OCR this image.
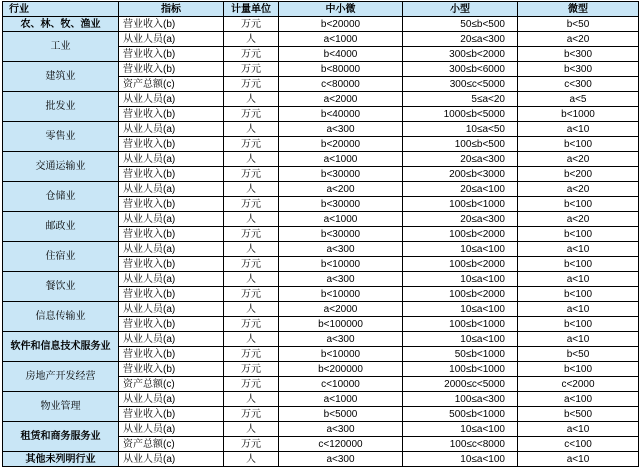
行业	指标	计量单位	中小微	小型	微型
农、林、牧、渔业	营业收入(b)	万元	b<20000	50≤b<500	b<50
工业	从业人员(a)	人	a<1000	20≤a<300	a<20
	营业收入(b)	万元	b<4000	300≤b<2000	b<300
建筑业	营业收入(b)	万元	b<80000	300≤b<6000	b<300
	资产总额(c)	万元	c<80000	300≤c<5000	c<300
批发业	从业人员(a)	人	a<2000	5≤a<20	a<5
	营业收入(b)	万元	b<40000	1000≤b<5000	b<1000
零售业	从业人员(a)	人	a<300	10≤a<50	a<10
	营业收入(b)	万元	b<20000	100≤b<500	b<100
交通运输业	从业人员(a)	人	a<1000	20≤a<300	a<20
	营业收入(b)	万元	b<30000	200≤b<3000	b<200
仓储业	从业人员(a)	人	a<200	20≤a<100	a<20
	营业收入(b)	万元	b<30000	100≤b<1000	b<100
邮政业	从业人员(a)	人	a<1000	20≤a<300	a<20
	营业收入(b)	万元	b<30000	100≤b<2000	b<100
住宿业	从业人员(a)	人	a<300	10≤a<100	a<10
	营业收入(b)	万元	b<10000	100≤b<2000	b<100
餐饮业	从业人员(a)	人	a<300	10≤a<100	a<10
	营业收入(b)	万元	b<10000	100≤b<2000	b<100
信息传输业	从业人员(a)	人	a<2000	10≤a<100	a<10
	营业收入(b)	万元	b<100000	100≤b<1000	b<100
软件和信息技术服务业	从业人员(a)	人	a<300	10≤a<100	a<10
	营业收入(b)	万元	b<10000	50≤b<1000	b<50
房地产开发经营	营业收入(b)	万元	b<200000	100≤b<1000	b<100
	资产总额(c)	万元	c<10000	2000≤c<5000	c<2000
物业管理	从业人员(a)	人	a<1000	100≤a<300	a<100
	营业收入(b)	万元	b<5000	500≤b<1000	b<500
租赁和商务服务业	从业人员(a)	人	a<300	10≤a<100	a<10
	资产总额(c)	万元	c<120000	100≤c<8000	c<100
其他未列明行业	从业人员(a)	人	a<300	10≤a<100	a<10
